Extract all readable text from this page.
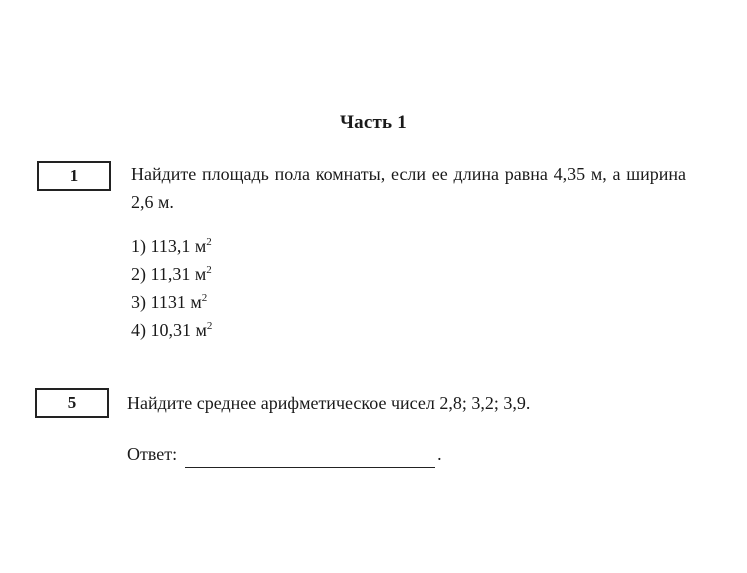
Часть 1
1	Найдите площадь пола комнаты, если ее длина равна 4,35 м, а ширина 2,6 м.
1) 113,1 $м^2$
2) 11,31 $м^2$
3) 1131 $м^2$
4) 10,31 $м^2$
5	Найдите среднее арифметическое чисел 2,8; 3,2; 3,9.
Ответ:	.
